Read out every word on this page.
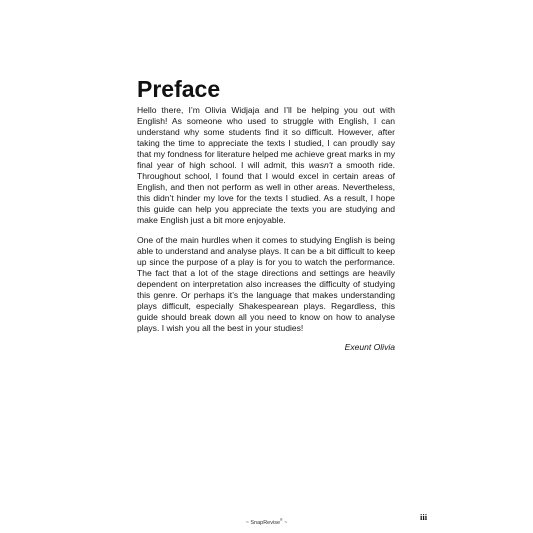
Preface

Hello there, I’m Olivia Widjaja and I’ll be helping you out with English! As someone who used to struggle with English, I can understand why some students find it so difficult. However, after taking the time to appreciate the texts I studied, I can proudly say that my fondness for literature helped me achieve great marks in my final year of high school. I will admit, this wasn't a smooth ride. Throughout school, I found that I would excel in certain areas of English, and then not perform as well in other areas. Nevertheless, this didn’t hinder my love for the texts I studied. As a result, I hope this guide can help you appreciate the texts you are studying and make English just a bit more enjoyable.

One of the main hurdles when it comes to studying English is being able to understand and analyse plays. It can be a bit difficult to keep up since the purpose of a play is for you to watch the performance. The fact that a lot of the stage directions and settings are heavily dependent on interpretation also increases the difficulty of studying this genre. Or perhaps it’s the language that makes understanding plays difficult, especially Shakespearean plays. Regardless, this guide should break down all you need to know on how to analyse plays. I wish you all the best in your studies!

Exeunt Olivia

~ SnapRevise® ~
iii
